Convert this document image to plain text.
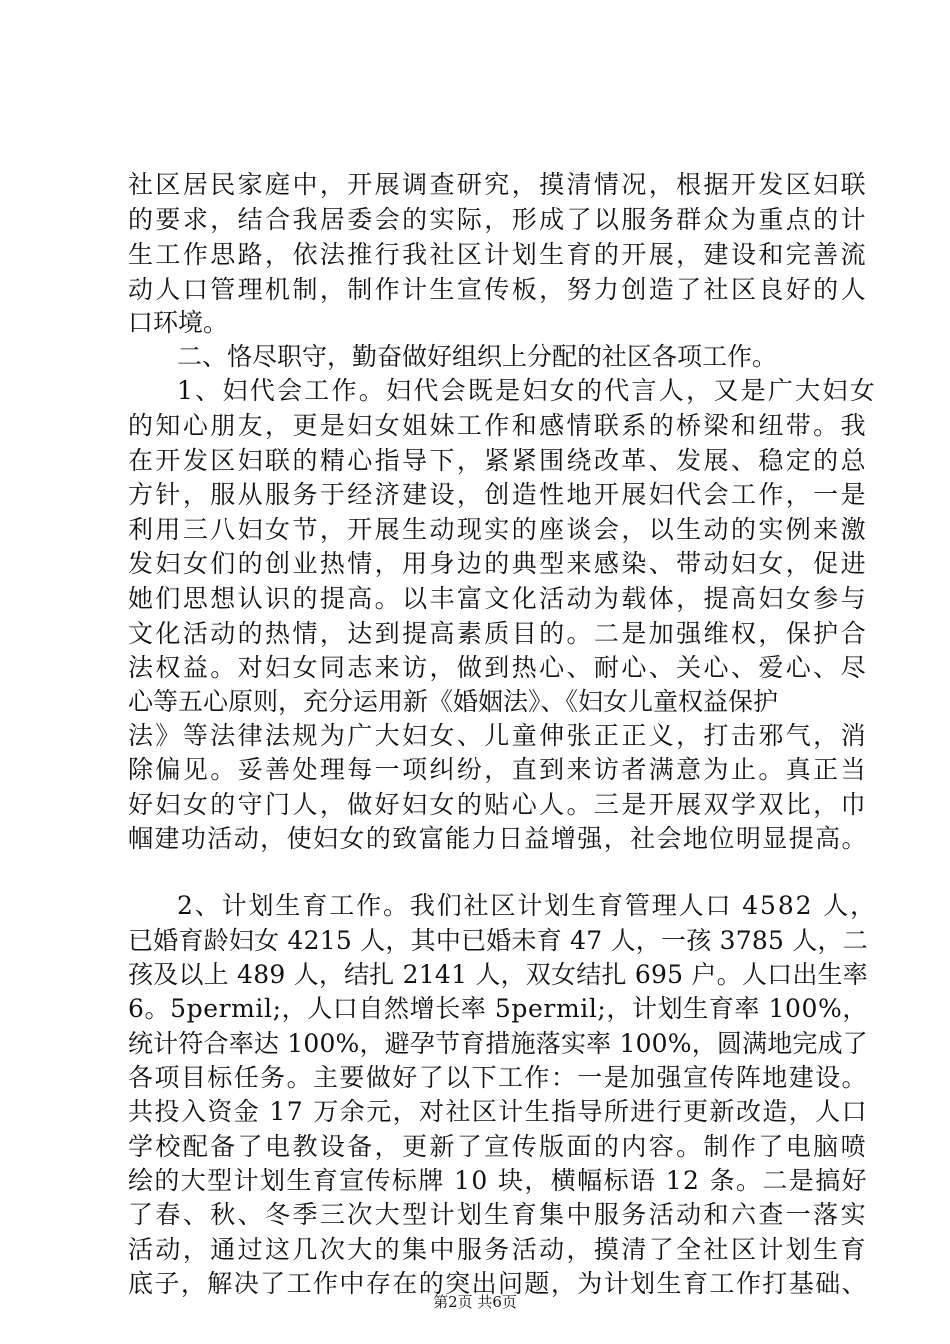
社区居民家庭中，开展调查研究，摸清情况，根据开发区妇联
的要求，结合我居委会的实际，形成了以服务群众为重点的计
生工作思路，依法推行我社区计划生育的开展，建设和完善流
动人口管理机制，制作计生宣传板，努力创造了社区良好的人
口环境。
二、恪尽职守，勤奋做好组织上分配的社区各项工作。
1、妇代会工作。妇代会既是妇女的代言人，又是广大妇女
的知心朋友，更是妇女姐妹工作和感情联系的桥梁和纽带。我
在开发区妇联的精心指导下，紧紧围绕改革、发展、稳定的总
方针，服从服务于经济建设，创造性地开展妇代会工作，一是
利用三八妇女节，开展生动现实的座谈会，以生动的实例来激
发妇女们的创业热情，用身边的典型来感染、带动妇女，促进
她们思想认识的提高。以丰富文化活动为载体，提高妇女参与
文化活动的热情，达到提高素质目的。二是加强维权，保护合
法权益。对妇女同志来访，做到热心、耐心、关心、爱心、尽
心等五心原则，充分运用新《婚姻法》、《妇女儿童权益保护
法》等法律法规为广大妇女、儿童伸张正正义，打击邪气，消
除偏见。妥善处理每一项纠纷，直到来访者满意为止。真正当
好妇女的守门人，做好妇女的贴心人。三是开展双学双比，巾
帼建功活动，使妇女的致富能力日益增强，社会地位明显提高。
2、计划生育工作。我们社区计划生育管理人口 4582 人，
已婚育龄妇女 4215 人，其中已婚未育 47 人，一孩 3785 人，二
孩及以上 489 人，结扎 2141 人，双女结扎 695 户。人口出生率
6。5permil;，人口自然增长率 5permil;，计划生育率 100%，
统计符合率达 100%，避孕节育措施落实率 100%，圆满地完成了
各项目标任务。主要做好了以下工作：一是加强宣传阵地建设。
共投入资金 17 万余元，对社区计生指导所进行更新改造，人口
学校配备了电教设备，更新了宣传版面的内容。制作了电脑喷
绘的大型计划生育宣传标牌 10 块，横幅标语 12 条。二是搞好
了春、秋、冬季三次大型计划生育集中服务活动和六查一落实
活动，通过这几次大的集中服务活动，摸清了全社区计划生育
底子，解决了工作中存在的突出问题，为计划生育工作打基础、
第2页 共6页
